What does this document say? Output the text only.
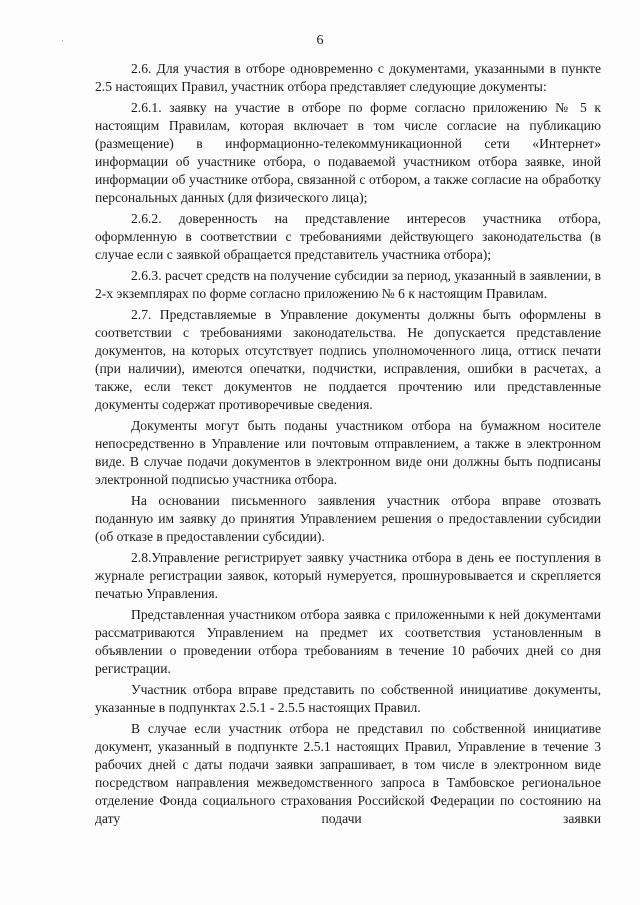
6

2.6. Для участия в отборе одновременно с документами, указанными в пункте 2.5 настоящих Правил, участник отбора представляет следующие документы:

2.6.1. заявку на участие в отборе по форме согласно приложению № 5 к настоящим Правилам, которая включает в том числе согласие на публикацию (размещение) в информационно-телекоммуникационной сети «Интернет» информации об участнике отбора, о подаваемой участником отбора заявке, иной информации об участнике отбора, связанной с отбором, а также согласие на обработку персональных данных (для физического лица);

2.6.2. доверенность на представление интересов участника отбора, оформленную в соответствии с требованиями действующего законодательства (в случае если с заявкой обращается представитель участника отбора);

2.6.3. расчет средств на получение субсидии за период, указанный в заявлении, в 2-х экземплярах по форме согласно приложению № 6 к настоящим Правилам.

2.7. Представляемые в Управление документы должны быть оформлены в соответствии с требованиями законодательства. Не допускается представление документов, на которых отсутствует подпись уполномоченного лица, оттиск печати (при наличии), имеются опечатки, подчистки, исправления, ошибки в расчетах, а также, если текст документов не поддается прочтению или представленные документы содержат противоречивые сведения.

Документы могут быть поданы участником отбора на бумажном носителе непосредственно в Управление или почтовым отправлением, а также в электронном виде. В случае подачи документов в электронном виде они должны быть подписаны электронной подписью участника отбора.

На основании письменного заявления участник отбора вправе отозвать поданную им заявку до принятия Управлением решения о предоставлении субсидии (об отказе в предоставлении субсидии).

2.8.Управление регистрирует заявку участника отбора в день ее поступления в журнале регистрации заявок, который нумеруется, прошнуровывается и скрепляется печатью Управления.

Представленная участником отбора заявка с приложенными к ней документами рассматриваются Управлением на предмет их соответствия установленным в объявлении о проведении отбора требованиям в течение 10 рабочих дней со дня регистрации.

Участник отбора вправе представить по собственной инициативе документы, указанные в подпунктах 2.5.1 - 2.5.5 настоящих Правил.

В случае если участник отбора не представил по собственной инициативе документ, указанный в подпункте 2.5.1 настоящих Правил, Управление в течение 3 рабочих дней с даты подачи заявки запрашивает, в том числе в электронном виде посредством направления межведомственного запроса в Тамбовское региональное отделение Фонда социального страхования Российской Федерации по состоянию на дату подачи заявки
